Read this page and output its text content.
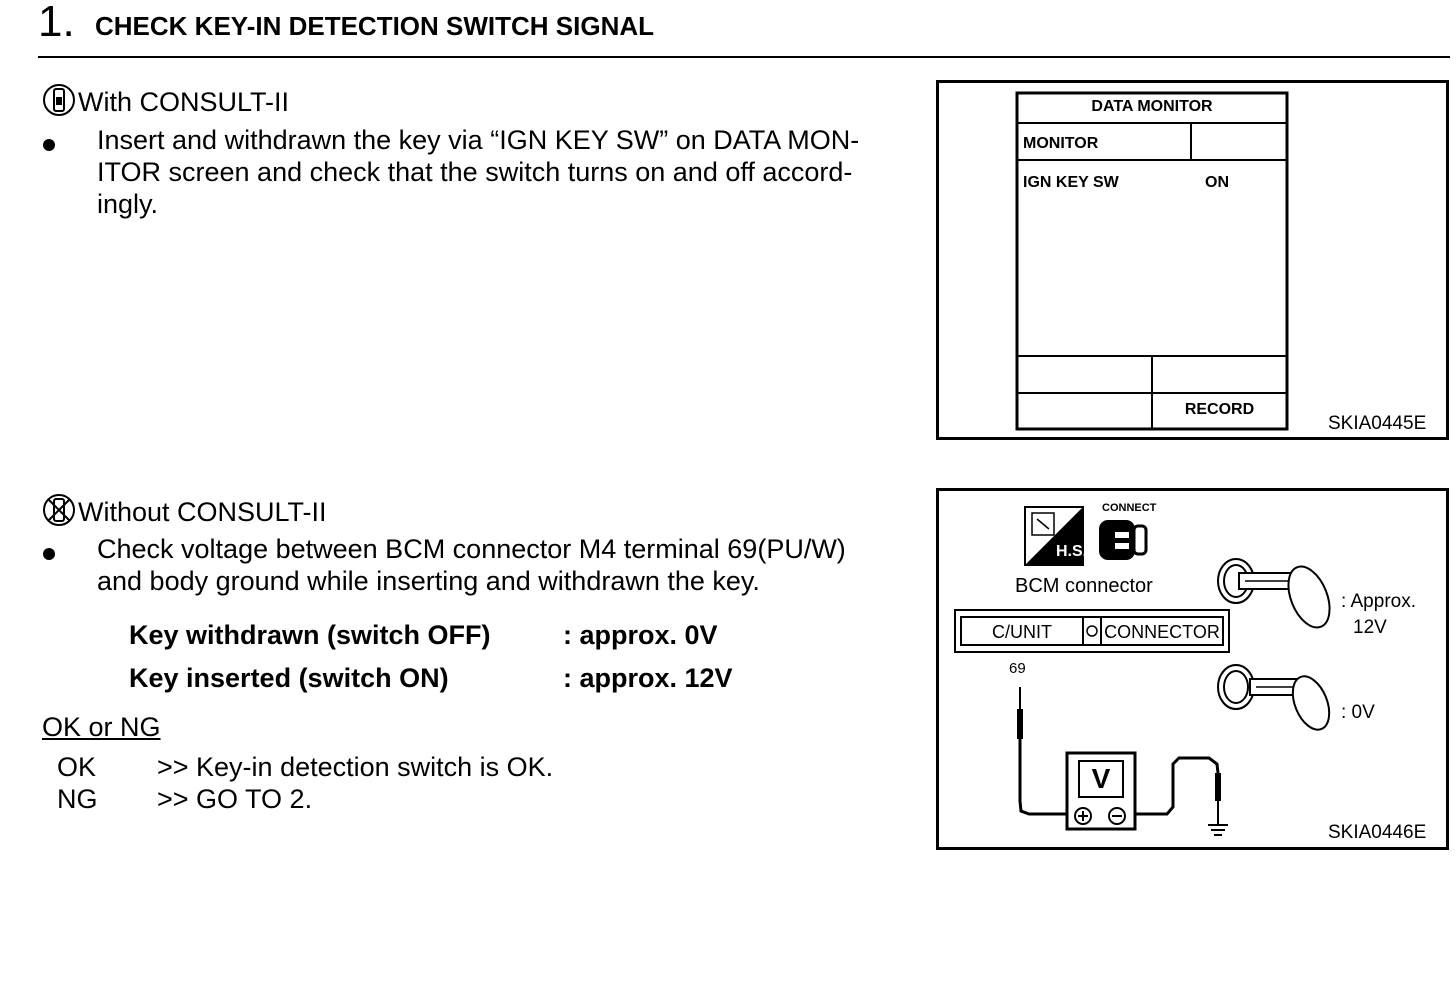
1. CHECK KEY-IN DETECTION SWITCH SIGNAL
With CONSULT-II
Insert and withdrawn the key via “IGN KEY SW” on DATA MON-
ITOR screen and check that the switch turns on and off accord-
ingly.
Without CONSULT-II
Check voltage between BCM connector M4 terminal 69(PU/W)
and body ground while inserting and withdrawn the key.
Key withdrawn (switch OFF)	: approx. 0V
Key inserted (switch ON)	: approx. 12V
OK or NG
OK >> Key-in detection switch is OK.
NG >> GO TO 2.
DATA MONITOR
MONITOR
IGN KEY SW	ON
RECORD
SKIA0445E
CONNECT
H.S.
BCM connector
C/UNIT	CONNECTOR
69
V
: Approx.
12V
: 0V
SKIA0446E
